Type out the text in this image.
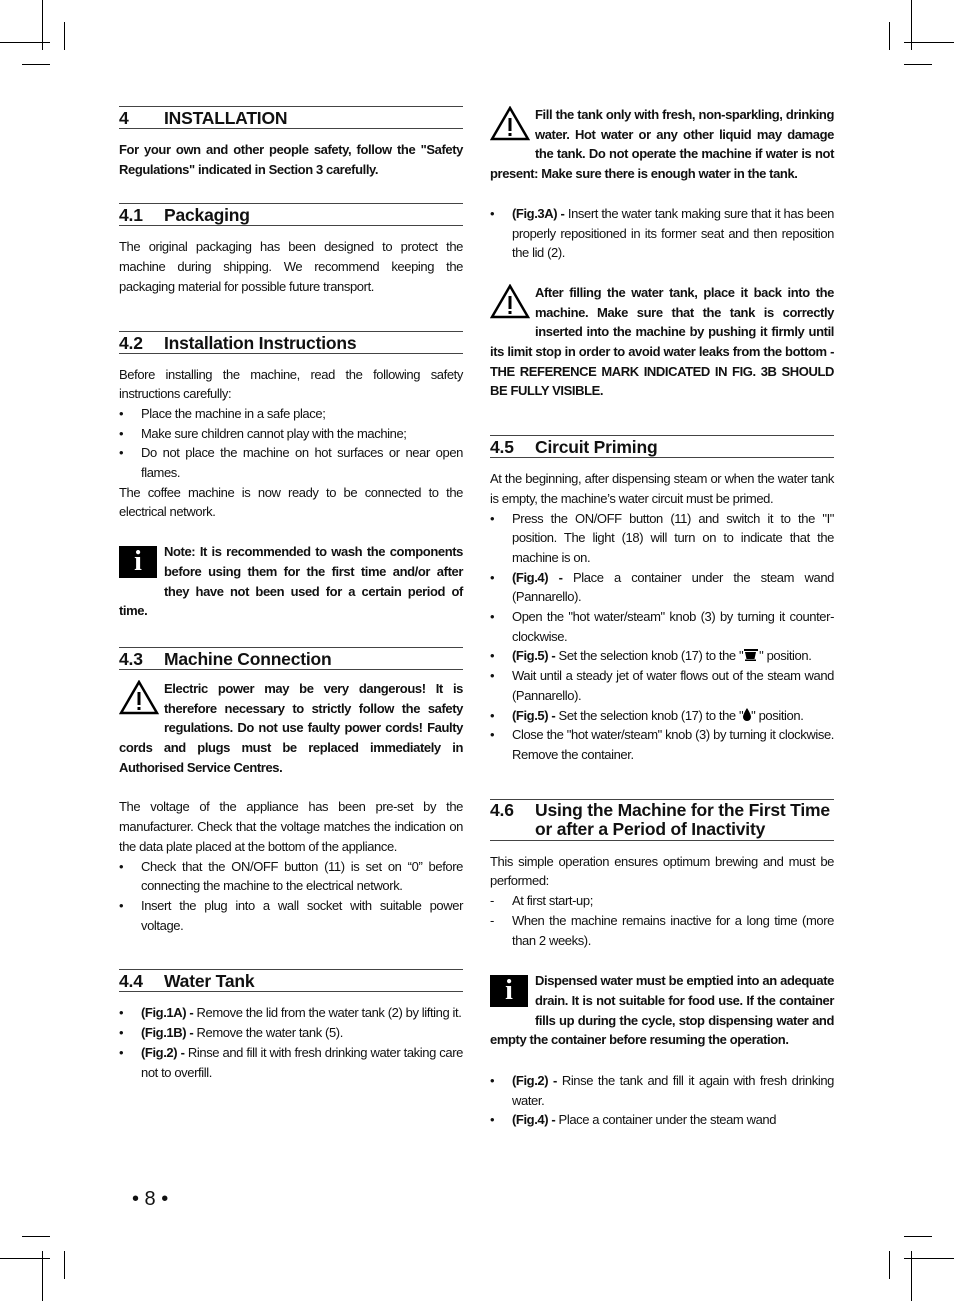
4	INSTALLATION

For your own and other people safety, follow the "Safety Regulations" indicated in Section 3 carefully.

4.1	Packaging

The original packaging has been designed to protect the machine during shipping. We recommend keeping the packaging material for possible future transport.

4.2	Installation Instructions

Before installing the machine, read the following safety instructions carefully:

• Place the machine in a safe place;
• Make sure children cannot play with the machine;
• Do not place the machine on hot surfaces or near open flames.

The coffee machine is now ready to be connected to the electrical network.

i	Note: It is recommended to wash the components before using them for the first time and/or after they have not been used for a certain period of time.

4.3	Machine Connection

Electric power may be very dangerous! It is therefore necessary to strictly follow the safety regulations. Do not use faulty power cords! Faulty cords and plugs must be replaced immediately in Authorised Service Centres.

The voltage of the appliance has been pre-set by the manufacturer. Check that the voltage matches the indication on the data plate placed at the bottom of the appliance.

• Check that the ON/OFF button (11) is set on “0” before connecting the machine to the electrical network.
• Insert the plug into a wall socket with suitable power voltage.
4.4	Water Tank
• (Fig.1A) - Remove the lid from the water tank (2) by lifting it.
• (Fig.1B) - Remove the water tank (5).
• (Fig.2) - Rinse and fill it with fresh drinking water taking care not to overfill.

Fill the tank only with fresh, non-sparkling, drinking water. Hot water or any other liquid may damage the tank. Do not operate the machine if water is not present: Make sure there is enough water in the tank.

• (Fig.3A) - Insert the water tank making sure that it has been properly repositioned in its former seat and then reposition the lid (2).

After filling the water tank, place it back into the machine. Make sure that the tank is correctly inserted into the machine by pushing it firmly until its limit stop in order to avoid water leaks from the bottom - THE REFERENCE MARK INDICATED IN FIG. 3B SHOULD BE FULLY VISIBLE.

4.5	Circuit Priming

At the beginning, after dispensing steam or when the water tank is empty, the machine’s water circuit must be primed.

• Press the ON/OFF button (11) and switch it to the "I" position. The light (18) will turn on to indicate that the machine is on.
• (Fig.4) - Place a container under the steam wand (Pannarello).
• Open the "hot water/steam" knob (3) by turning it counter-clockwise.
• (Fig.5) - Set the selection knob (17) to the " " position.
• Wait until a steady jet of water flows out of the steam wand (Pannarello).
• (Fig.5) - Set the selection knob (17) to the " " position.
• Close the "hot water/steam" knob (3) by turning it clockwise. Remove the container.
4.6	Using the Machine for the First Time or after a Period of Inactivity

This simple operation ensures optimum brewing and must be performed:

- At first start-up;
- When the machine remains inactive for a long time (more than 2 weeks).
i	Dispensed water must be emptied into an adequate drain. It is not suitable for food use. If the container fills up during the cycle, stop dispensing water and empty the container before resuming the operation.

• (Fig.2) - Rinse the tank and fill it again with fresh drinking water.
• (Fig.4) - Place a container under the steam wand
• 8 •
